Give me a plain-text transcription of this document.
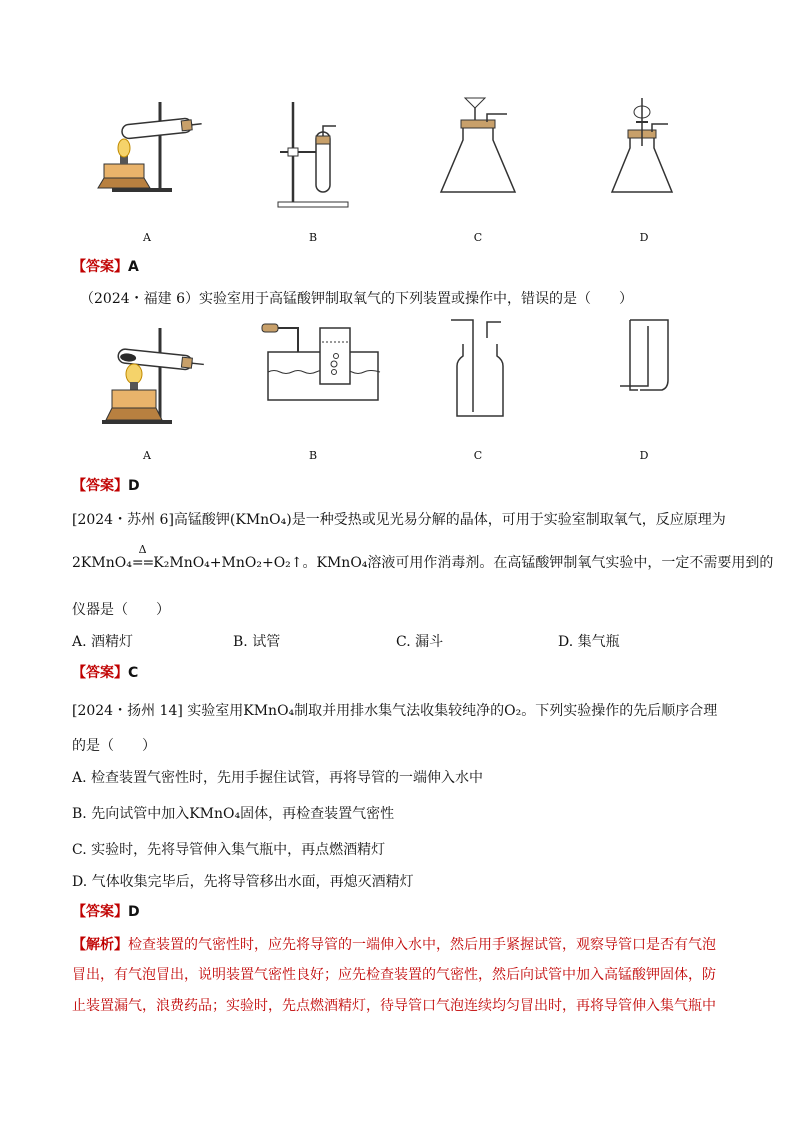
A	B	C	D
【答案】A
（2024・福建 6）实验室用于高锰酸钾制取氧气的下列装置或操作中，错误的是（　　）
A	B	C	D
【答案】D
[2024・苏州 6]高锰酸钾(KMnO₄)是一种受热或见光易分解的晶体，可用于实验室制取氧气，反应原理为
2KMnO₄
Δ
==K₂MnO₄+MnO₂+O₂↑。KMnO₄溶液可用作消毒剂。在高锰酸钾制氧气实验中，一定不需要用到的
仪器是（　　）
A. 酒精灯	B. 试管	C. 漏斗	D. 集气瓶
【答案】C
[2024・扬州 14] 实验室用KMnO₄制取并用排水集气法收集较纯净的O₂。下列实验操作的先后顺序合理
的是（　　）
A. 检查装置气密性时，先用手握住试管，再将导管的一端伸入水中
B. 先向试管中加入KMnO₄固体，再检查装置气密性
C. 实验时，先将导管伸入集气瓶中，再点燃酒精灯
D. 气体收集完毕后，先将导管移出水面，再熄灭酒精灯
【答案】D
【解析】检查装置的气密性时，应先将导管的一端伸入水中，然后用手紧握试管，观察导管口是否有气泡
冒出，有气泡冒出，说明装置气密性良好；应先检查装置的气密性，然后向试管中加入高锰酸钾固体，防
止装置漏气，浪费药品；实验时，先点燃酒精灯，待导管口气泡连续均匀冒出时，再将导管伸入集气瓶中
